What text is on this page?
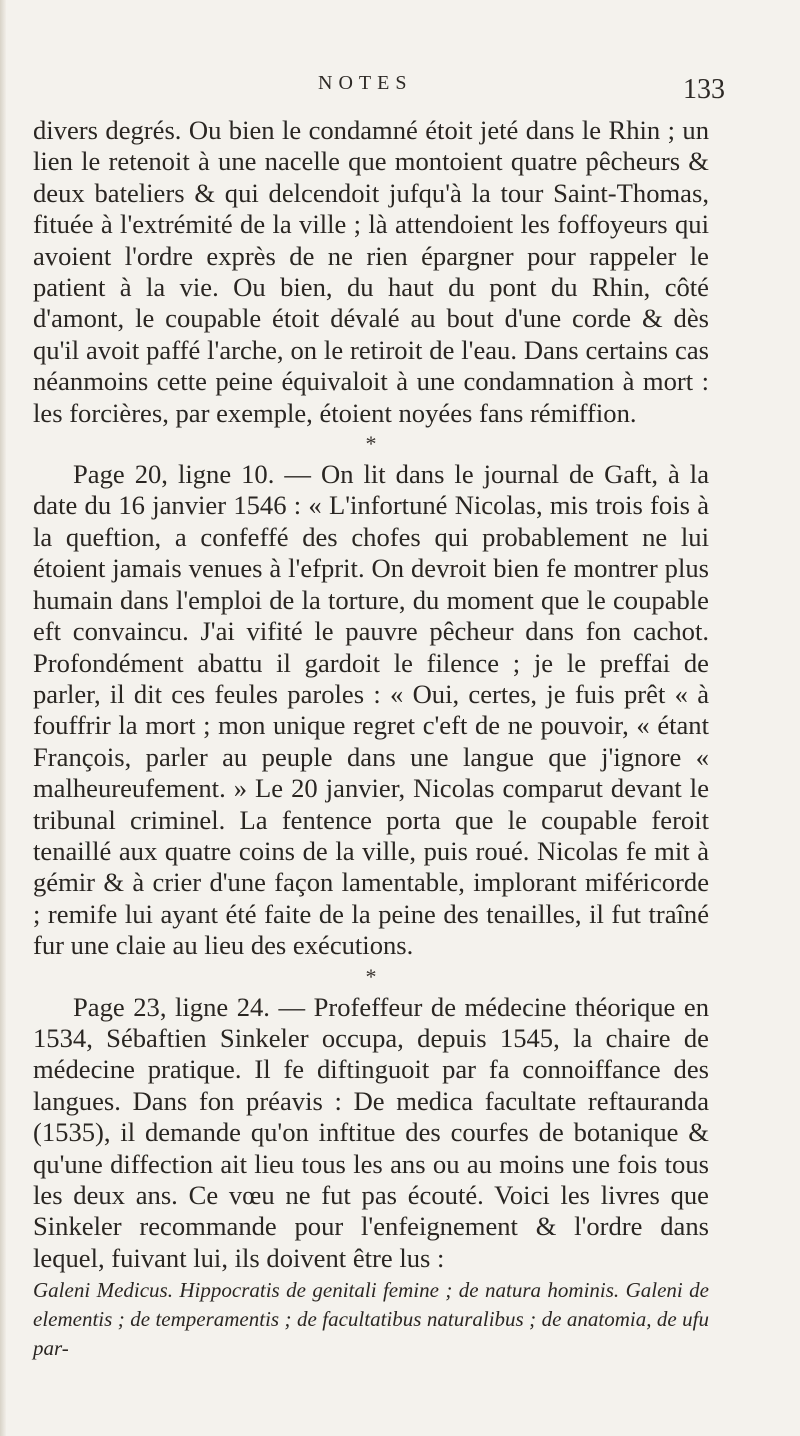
NOTES	133

divers degrés. Ou bien le condamné étoit jeté dans le Rhin ; un lien le retenoit à une nacelle que montoient quatre pêcheurs & deux bateliers & qui delcendoit jufqu'à la tour Saint-Thomas, fituée à l'extrémité de la ville ; là attendoient les foffoyeurs qui avoient l'ordre exprès de ne rien épargner pour rappeler le patient à la vie. Ou bien, du haut du pont du Rhin, côté d'amont, le coupable étoit dévalé au bout d'une corde & dès qu'il avoit paffé l'arche, on le retiroit de l'eau. Dans certains cas néanmoins cette peine équivaloit à une condamnation à mort : les forcières, par exemple, étoient noyées fans rémiffion.

*

Page 20, ligne 10. — On lit dans le journal de Gaft, à la date du 16 janvier 1546 : « L'infortuné Nicolas, mis trois fois à la queftion, a confeffé des chofes qui probablement ne lui étoient jamais venues à l'efprit. On devroit bien fe montrer plus humain dans l'emploi de la torture, du moment que le coupable eft convaincu. J'ai vifité le pauvre pêcheur dans fon cachot. Profondément abattu il gardoit le filence ; je le preffai de parler, il dit ces feules paroles : « Oui, certes, je fuis prêt « à fouffrir la mort ; mon unique regret c'eft de ne pouvoir, « étant François, parler au peuple dans une langue que j'ignore « malheureufement. » Le 20 janvier, Nicolas comparut devant le tribunal criminel. La fentence porta que le coupable feroit tenaillé aux quatre coins de la ville, puis roué. Nicolas fe mit à gémir & à crier d'une façon lamentable, implorant miféricorde ; remife lui ayant été faite de la peine des tenailles, il fut traîné fur une claie au lieu des exécutions.

*

Page 23, ligne 24. — Profeffeur de médecine théorique en 1534, Sébaftien Sinkeler occupa, depuis 1545, la chaire de médecine pratique. Il fe diftinguoit par fa connoiffance des langues. Dans fon préavis : De medica facultate reftauranda (1535), il demande qu'on inftitue des courfes de botanique & qu'une diffection ait lieu tous les ans ou au moins une fois tous les deux ans. Ce vœu ne fut pas écouté. Voici les livres que Sinkeler recommande pour l'enfeignement & l'ordre dans lequel, fuivant lui, ils doivent être lus :

Galeni Medicus. Hippocratis de genitali femine ; de natura hominis. Galeni de elementis ; de temperamentis ; de facultatibus naturalibus ; de anatomia, de ufu par-
